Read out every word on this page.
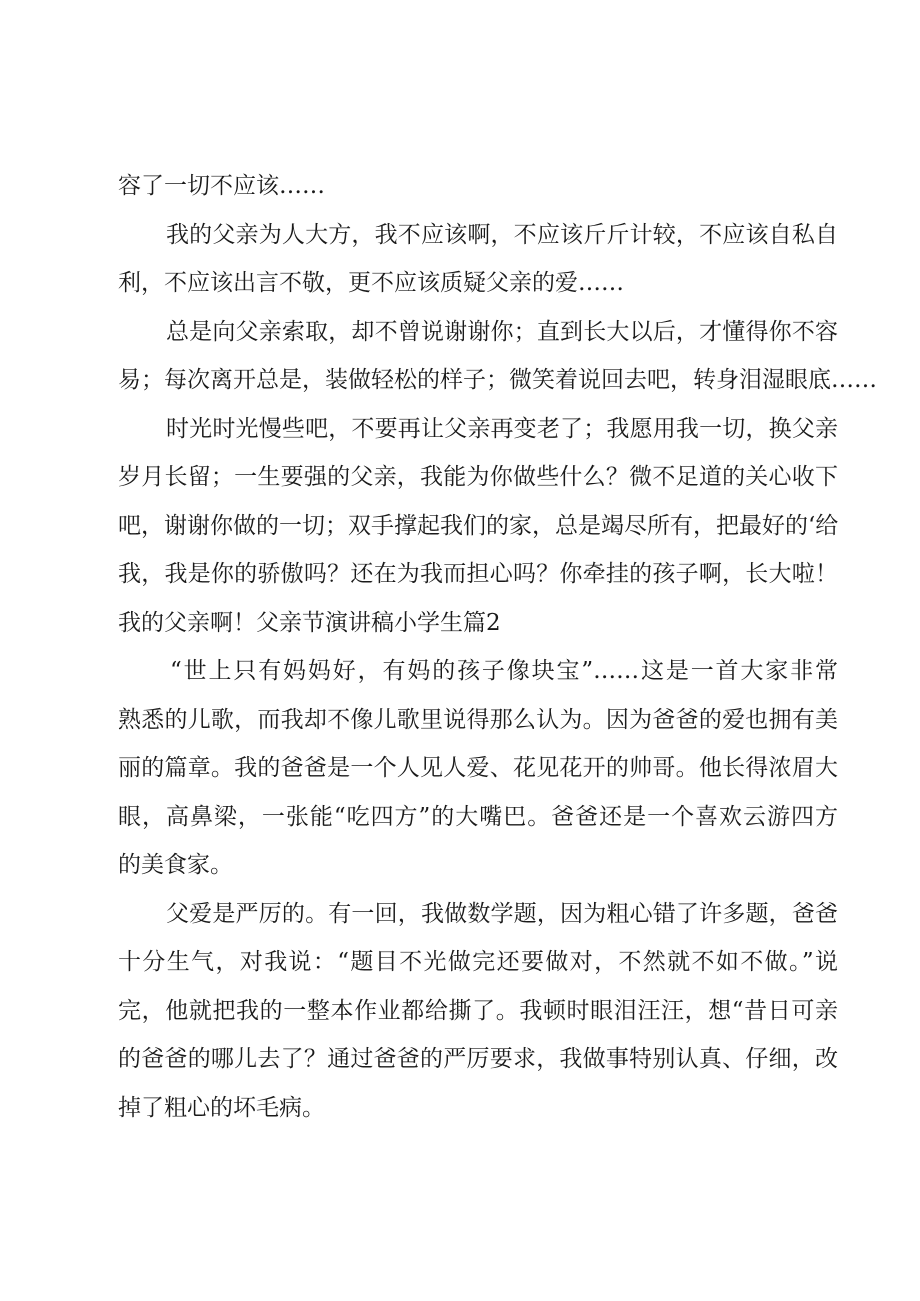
容了一切不应该……
我的父亲为人大方，我不应该啊，不应该斤斤计较，不应该自私自
利，不应该出言不敬，更不应该质疑父亲的爱……
总是向父亲索取，却不曾说谢谢你；直到长大以后，才懂得你不容
易；每次离开总是，装做轻松的样子；微笑着说回去吧，转身泪湿眼底……
时光时光慢些吧，不要再让父亲再变老了；我愿用我一切，换父亲
岁月长留；一生要强的父亲，我能为你做些什么？微不足道的关心收下
吧，谢谢你做的一切；双手撑起我们的家，总是竭尽所有，把最好的‘给
我，我是你的骄傲吗？还在为我而担心吗？你牵挂的孩子啊，长大啦！
我的父亲啊！父亲节演讲稿小学生篇2
“世上只有妈妈好，有妈的孩子像块宝”……这是一首大家非常
熟悉的儿歌，而我却不像儿歌里说得那么认为。因为爸爸的爱也拥有美
丽的篇章。我的爸爸是一个人见人爱、花见花开的帅哥。他长得浓眉大
眼，高鼻梁，一张能“吃四方”的大嘴巴。爸爸还是一个喜欢云游四方
的美食家。
父爱是严厉的。有一回，我做数学题，因为粗心错了许多题，爸爸
十分生气，对我说：“题目不光做完还要做对，不然就不如不做。”说
完，他就把我的一整本作业都给撕了。我顿时眼泪汪汪，想“昔日可亲
的爸爸的哪儿去了？通过爸爸的严厉要求，我做事特别认真、仔细，改
掉了粗心的坏毛病。
